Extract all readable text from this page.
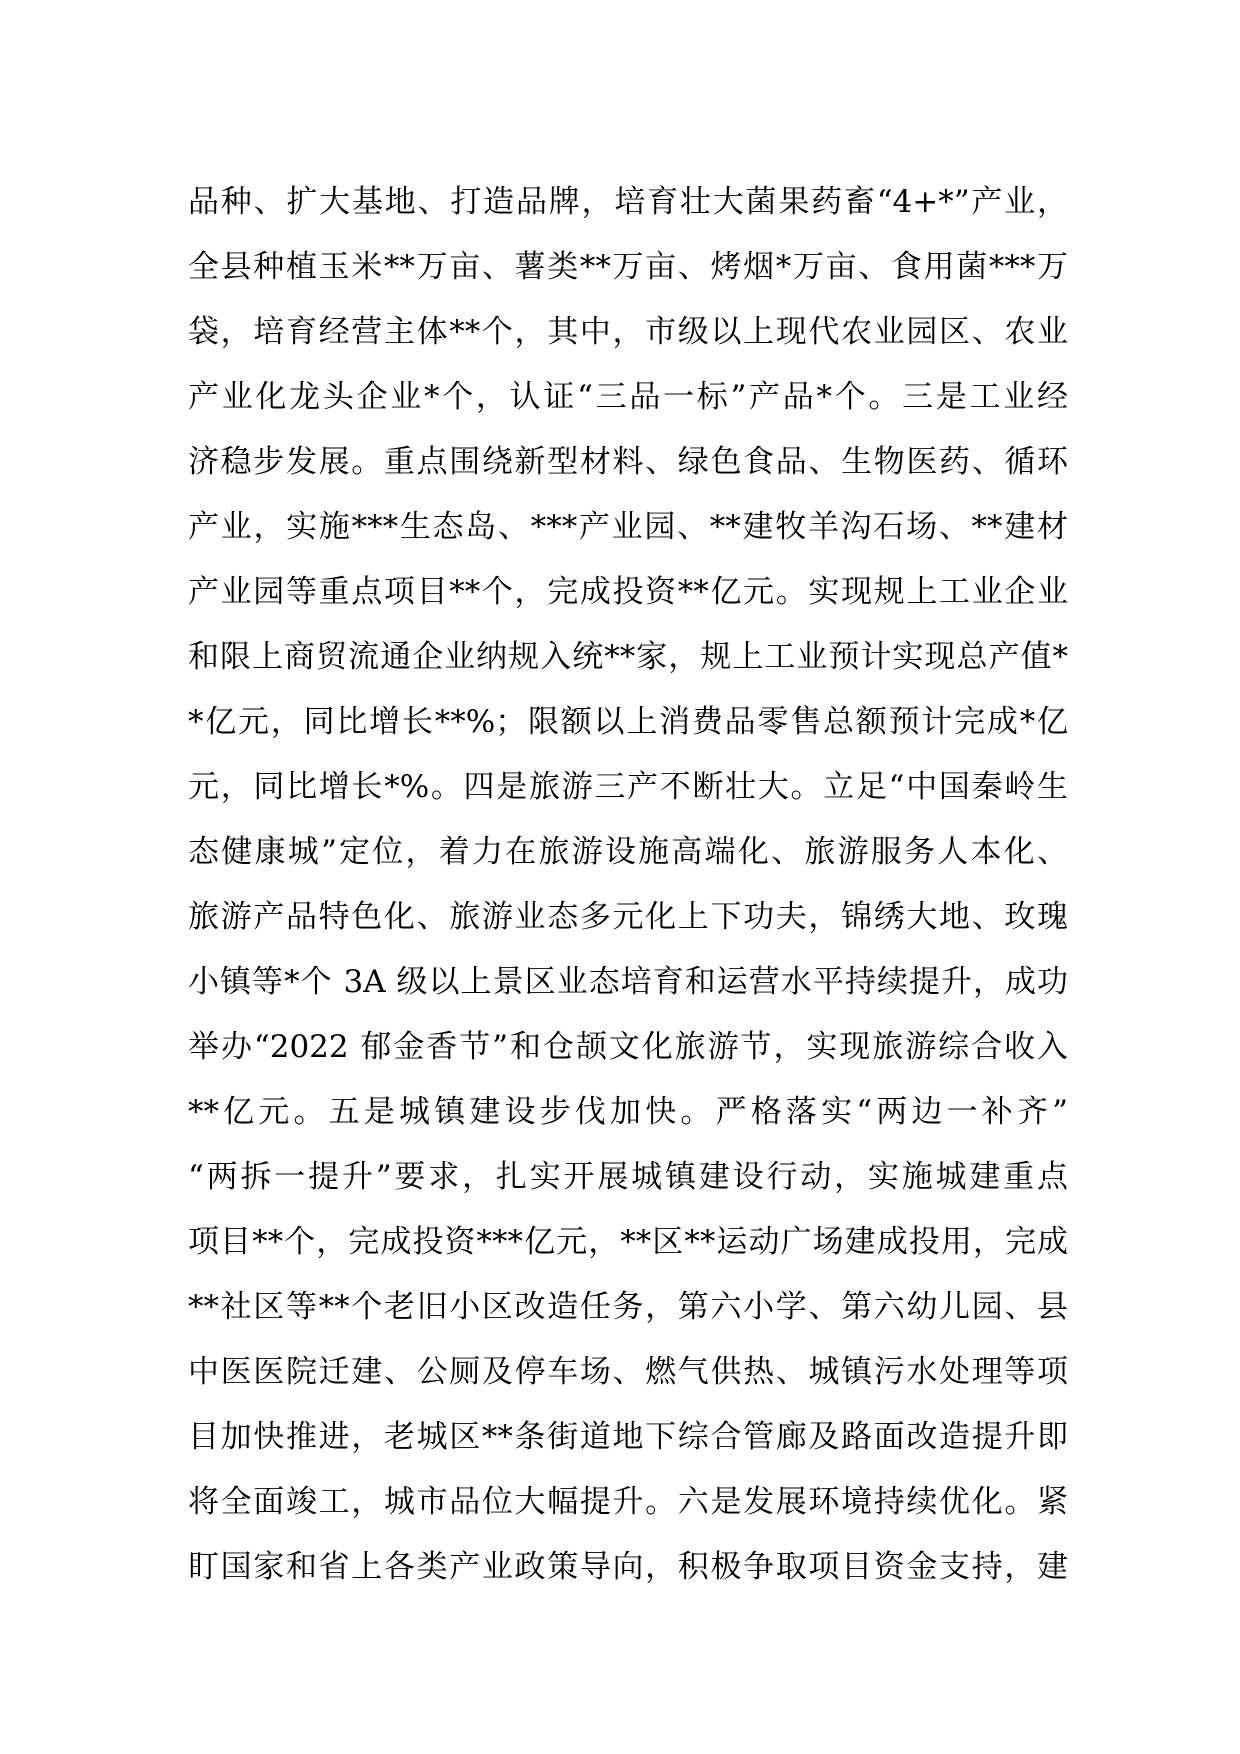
品种、扩大基地、打造品牌，培育壮大菌果药畜“4+*”产业，
全县种植玉米**万亩、薯类**万亩、烤烟*万亩、食用菌***万
袋，培育经营主体**个，其中，市级以上现代农业园区、农业
产业化龙头企业*个，认证“三品一标”产品*个。三是工业经
济稳步发展。重点围绕新型材料、绿色食品、生物医药、循环
产业，实施***生态岛、***产业园、**建牧羊沟石场、**建材
产业园等重点项目**个，完成投资**亿元。实现规上工业企业
和限上商贸流通企业纳规入统**家，规上工业预计实现总产值*
*亿元，同比增长**%；限额以上消费品零售总额预计完成*亿
元，同比增长*%。四是旅游三产不断壮大。立足“中国秦岭生
态健康城”定位，着力在旅游设施高端化、旅游服务人本化、
旅游产品特色化、旅游业态多元化上下功夫，锦绣大地、玫瑰
小镇等*个 3A 级以上景区业态培育和运营水平持续提升，成功
举办“2022 郁金香节”和仓颉文化旅游节，实现旅游综合收入
**亿元。五是城镇建设步伐加快。严格落实“两边一补齐”
“两拆一提升”要求，扎实开展城镇建设行动，实施城建重点
项目**个，完成投资***亿元，**区**运动广场建成投用，完成
**社区等**个老旧小区改造任务，第六小学、第六幼儿园、县
中医医院迁建、公厕及停车场、燃气供热、城镇污水处理等项
目加快推进，老城区**条街道地下综合管廊及路面改造提升即
将全面竣工，城市品位大幅提升。六是发展环境持续优化。紧
盯国家和省上各类产业政策导向，积极争取项目资金支持，建
